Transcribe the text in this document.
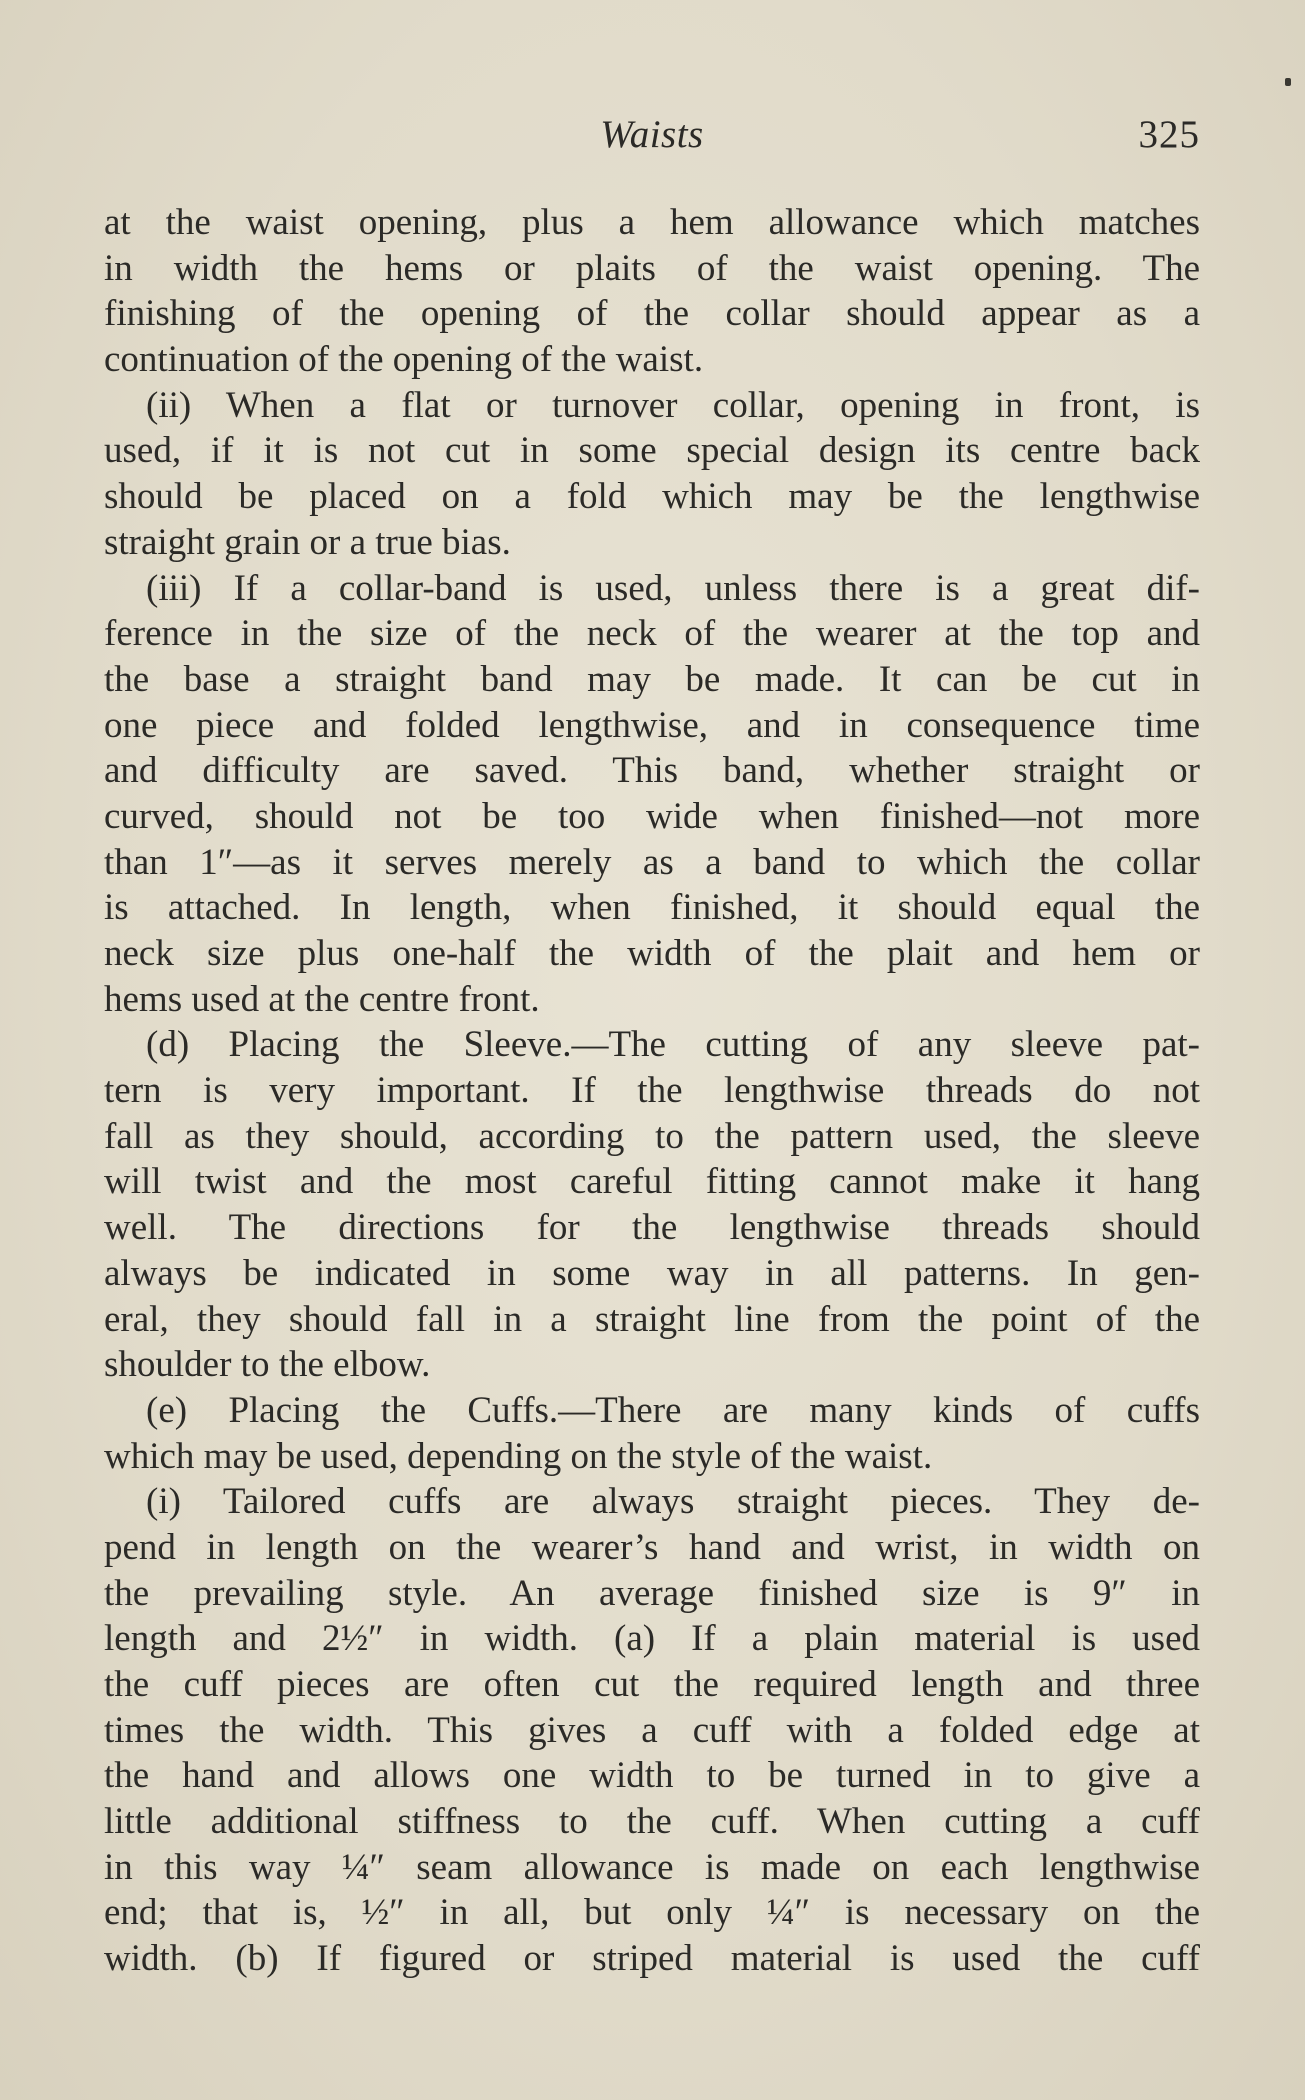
Waists	325
at the waist opening, plus a hem allowance which matches
in width the hems or plaits of the waist opening. The
finishing of the opening of the collar should appear as a
continuation of the opening of the waist.
(ii) When a flat or turnover collar, opening in front, is
used, if it is not cut in some special design its centre back
should be placed on a fold which may be the lengthwise
straight grain or a true bias.
(iii) If a collar-band is used, unless there is a great dif-
ference in the size of the neck of the wearer at the top and
the base a straight band may be made. It can be cut in
one piece and folded lengthwise, and in consequence time
and difficulty are saved. This band, whether straight or
curved, should not be too wide when finished—not more
than 1″—as it serves merely as a band to which the collar
is attached. In length, when finished, it should equal the
neck size plus one-half the width of the plait and hem or
hems used at the centre front.
(d) Placing the Sleeve.—The cutting of any sleeve pat-
tern is very important. If the lengthwise threads do not
fall as they should, according to the pattern used, the sleeve
will twist and the most careful fitting cannot make it hang
well. The directions for the lengthwise threads should
always be indicated in some way in all patterns. In gen-
eral, they should fall in a straight line from the point of the
shoulder to the elbow.
(e) Placing the Cuffs.—There are many kinds of cuffs
which may be used, depending on the style of the waist.
(i) Tailored cuffs are always straight pieces. They de-
pend in length on the wearer’s hand and wrist, in width on
the prevailing style. An average finished size is 9″ in
length and 2½″ in width. (a) If a plain material is used
the cuff pieces are often cut the required length and three
times the width. This gives a cuff with a folded edge at
the hand and allows one width to be turned in to give a
little additional stiffness to the cuff. When cutting a cuff
in this way ¼″ seam allowance is made on each lengthwise
end; that is, ½″ in all, but only ¼″ is necessary on the
width. (b) If figured or striped material is used the cuff
